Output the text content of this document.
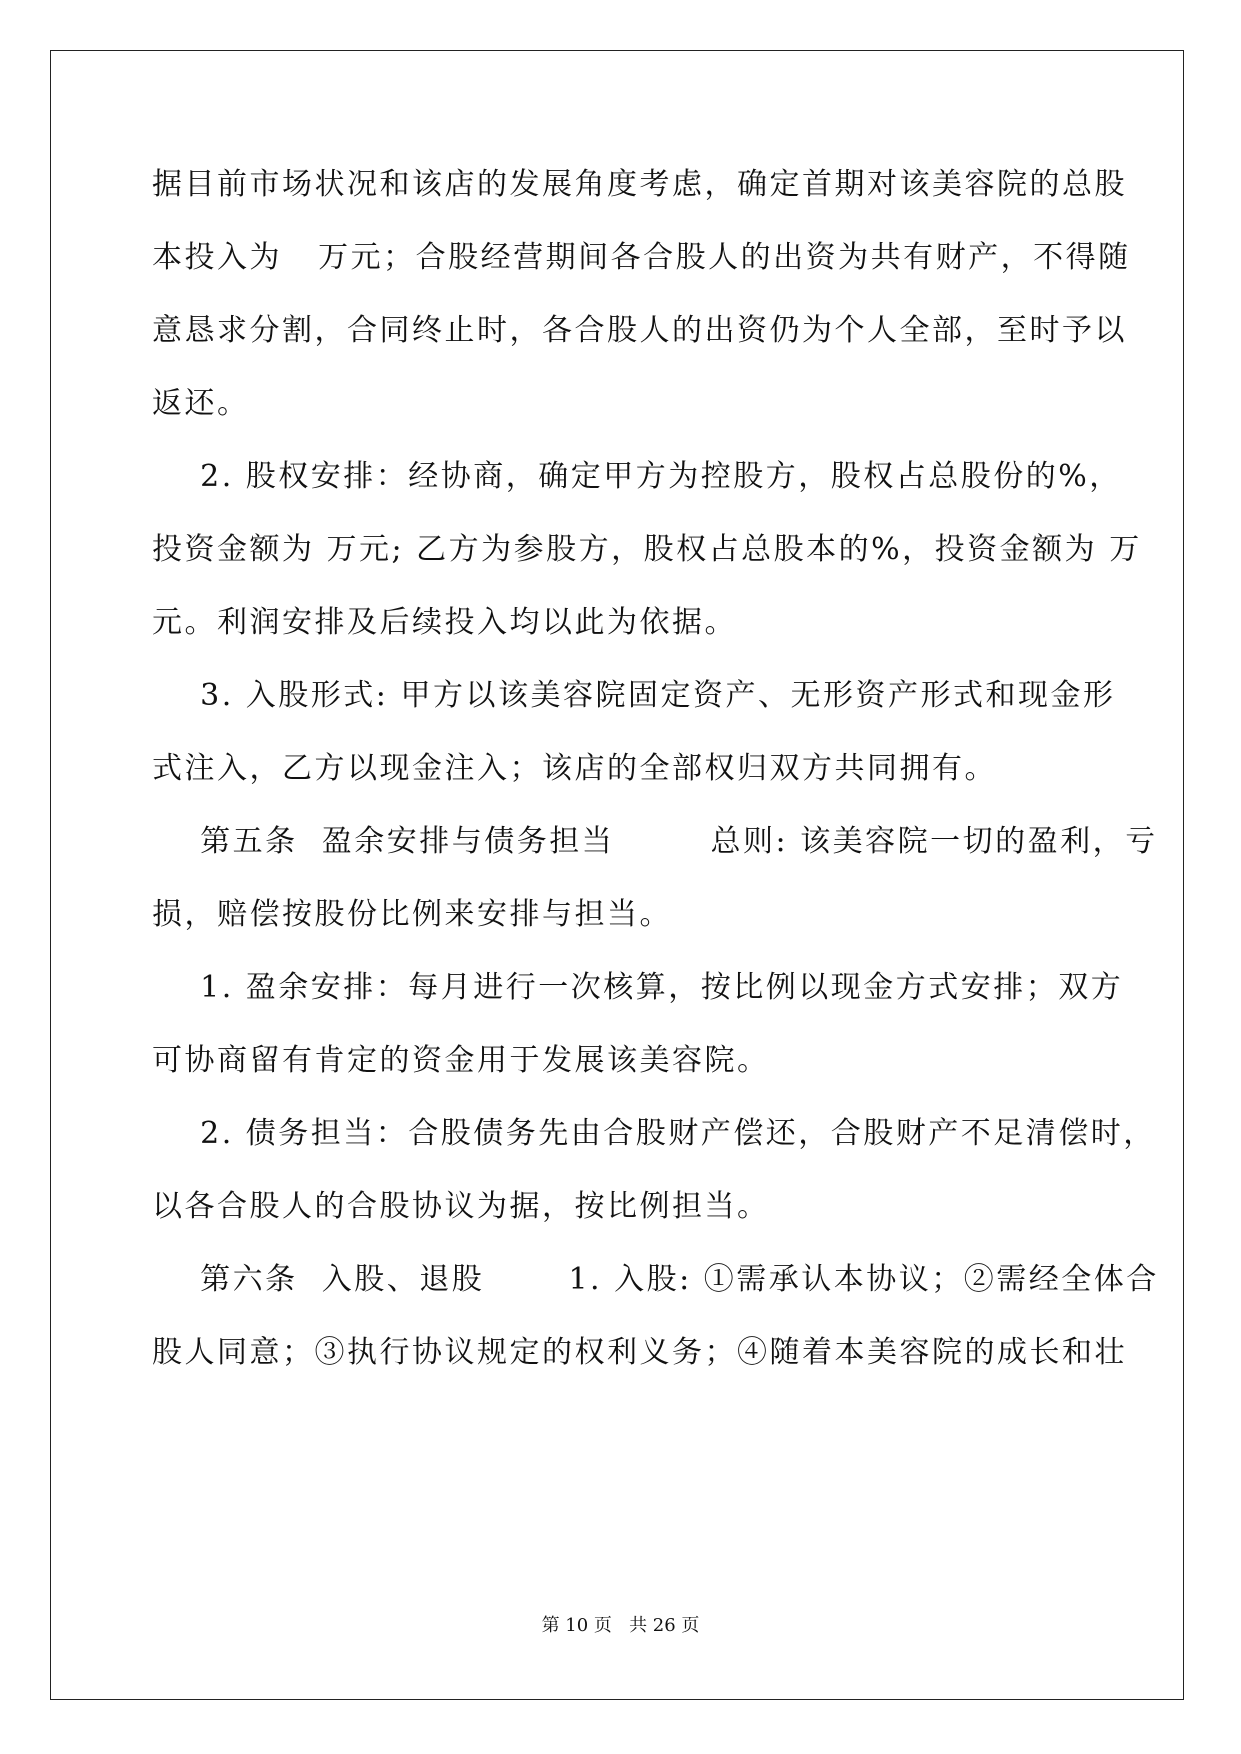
据目前市场状况和该店的发展角度考虑，确定首期对该美容院的总股
本投入为   万元；合股经营期间各合股人的出资为共有财产，不得随
意恳求分割，合同终止时，各合股人的出资仍为个人全部，至时予以
返还。
2. 股权安排：经协商，确定甲方为控股方，股权占总股份的%，
投资金额为 万元; 乙方为参股方，股权占总股本的%，投资金额为 万
元。利润安排及后续投入均以此为依据。
3. 入股形式: 甲方以该美容院固定资产、无形资产形式和现金形
式注入，乙方以现金注入；该店的全部权归双方共同拥有。
第五条  盈余安排与债务担当        总则: 该美容院一切的盈利，亏
损，赔偿按股份比例来安排与担当。
1. 盈余安排：每月进行一次核算，按比例以现金方式安排；双方
可协商留有肯定的资金用于发展该美容院。
2. 债务担当：合股债务先由合股财产偿还，合股财产不足清偿时，
以各合股人的合股协议为据，按比例担当。
第六条  入股、退股       1. 入股: ①需承认本协议；②需经全体合
股人同意；③执行协议规定的权利义务；④随着本美容院的成长和壮
第 10 页   共 26 页
